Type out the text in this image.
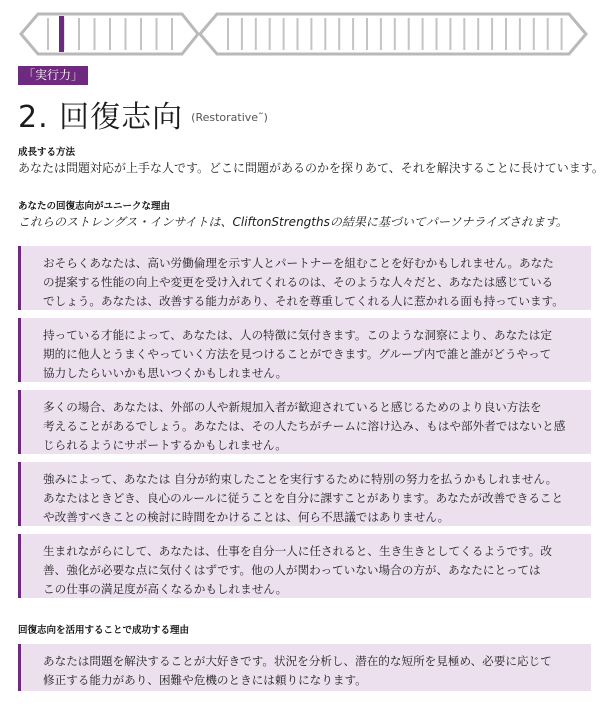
「実行力」
2. 回復志向 $^{(Restorative˜)}$
成長する方法
あなたは問題対応が上手な人です。どこに問題があるのかを探りあて、それを解決することに長けています。
あなたの回復志向がユニークな理由
これらのストレングス・インサイトは、CliftonStrengthsの結果に基づいてパーソナライズされます。
おそらくあなたは、高い労働倫理を示す人とパートナーを組むことを好むかもしれません。あなた
の提案する性能の向上や変更を受け入れてくれるのは、そのような人々だと、あなたは感じている
でしょう。あなたは、改善する能力があり、それを尊重してくれる人に惹かれる面も持っています。
持っている才能によって、あなたは、人の特徴に気付きます。このような洞察により、あなたは定
期的に他人とうまくやっていく方法を見つけることができます。グループ内で誰と誰がどうやって
協力したらいいかも思いつくかもしれません。
多くの場合、あなたは、外部の人や新規加入者が歓迎されていると感じるためのより良い方法を
考えることがあるでしょう。あなたは、その人たちがチームに溶け込み、もはや部外者ではないと感
じられるようにサポートするかもしれません。
強みによって、あなたは 自分が約束したことを実行するために特別の努力を払うかもしれません。
あなたはときどき、良心のルールに従うことを自分に課すことがあります。あなたが改善できること
や改善すべきことの検討に時間をかけることは、何ら不思議ではありません。
生まれながらにして、あなたは、仕事を自分一人に任されると、生き生きとしてくるようです。改
善、強化が必要な点に気付くはずです。他の人が関わっていない場合の方が、あなたにとっては
この仕事の満足度が高くなるかもしれません。
回復志向を活用することで成功する理由
あなたは問題を解決することが大好きです。状況を分析し、潜在的な短所を見極め、必要に応じて
修正する能力があり、困難や危機のときには頼りになります。
